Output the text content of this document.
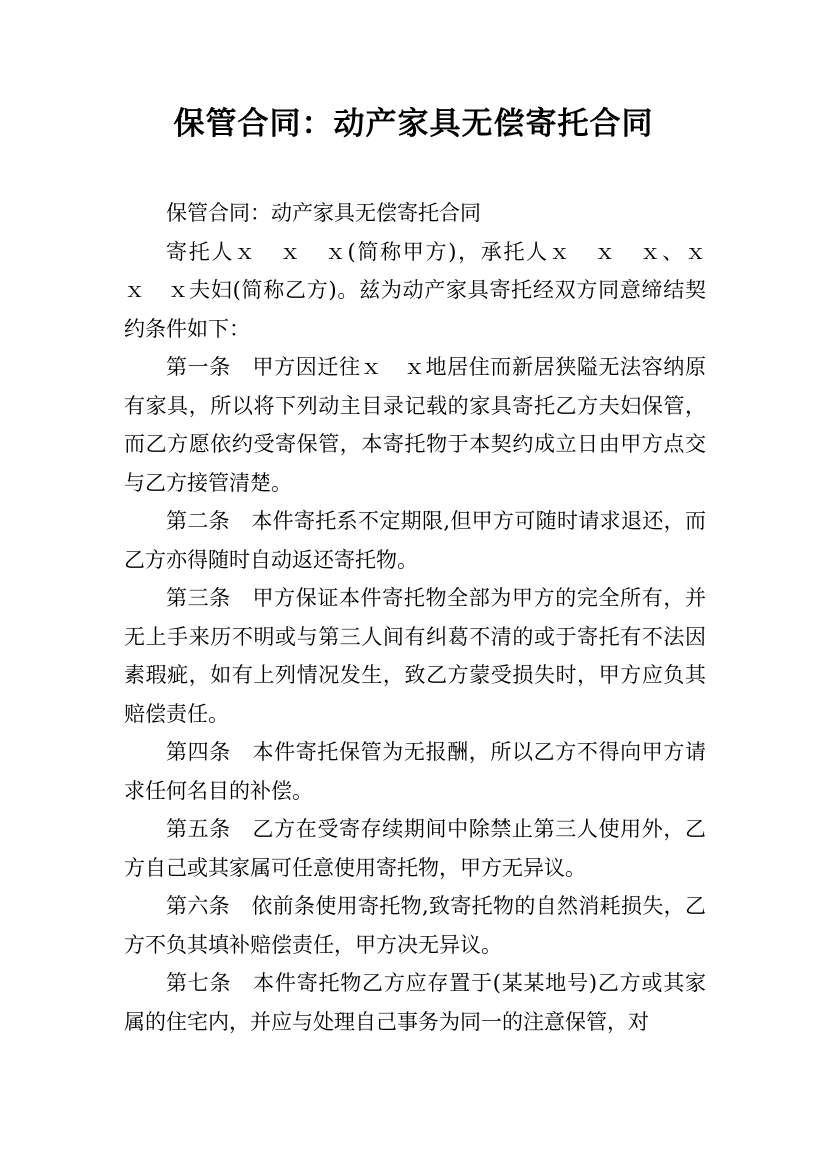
保管合同：动产家具无偿寄托合同

保管合同：动产家具无偿寄托合同

寄托人ｘ　ｘ　ｘ(简称甲方)，承托人ｘ　ｘ　ｘ、ｘ　ｘ　ｘ夫妇(简称乙方)。兹为动产家具寄托经双方同意缔结契约条件如下：

第一条　甲方因迁往ｘ　ｘ地居住而新居狭隘无法容纳原有家具，所以将下列动主目录记载的家具寄托乙方夫妇保管，而乙方愿依约受寄保管，本寄托物于本契约成立日由甲方点交与乙方接管清楚。

第二条　本件寄托系不定期限,但甲方可随时请求退还，而乙方亦得随时自动返还寄托物。

第三条　甲方保证本件寄托物全部为甲方的完全所有，并无上手来历不明或与第三人间有纠葛不清的或于寄托有不法因素瑕疵，如有上列情况发生，致乙方蒙受损失时，甲方应负其赔偿责任。

第四条　本件寄托保管为无报酬，所以乙方不得向甲方请求任何名目的补偿。

第五条　乙方在受寄存续期间中除禁止第三人使用外，乙方自己或其家属可任意使用寄托物，甲方无异议。

第六条　依前条使用寄托物,致寄托物的自然消耗损失，乙方不负其填补赔偿责任，甲方决无异议。

第七条　本件寄托物乙方应存置于(某某地号)乙方或其家属的住宅内，并应与处理自己事务为同一的注意保管，对
